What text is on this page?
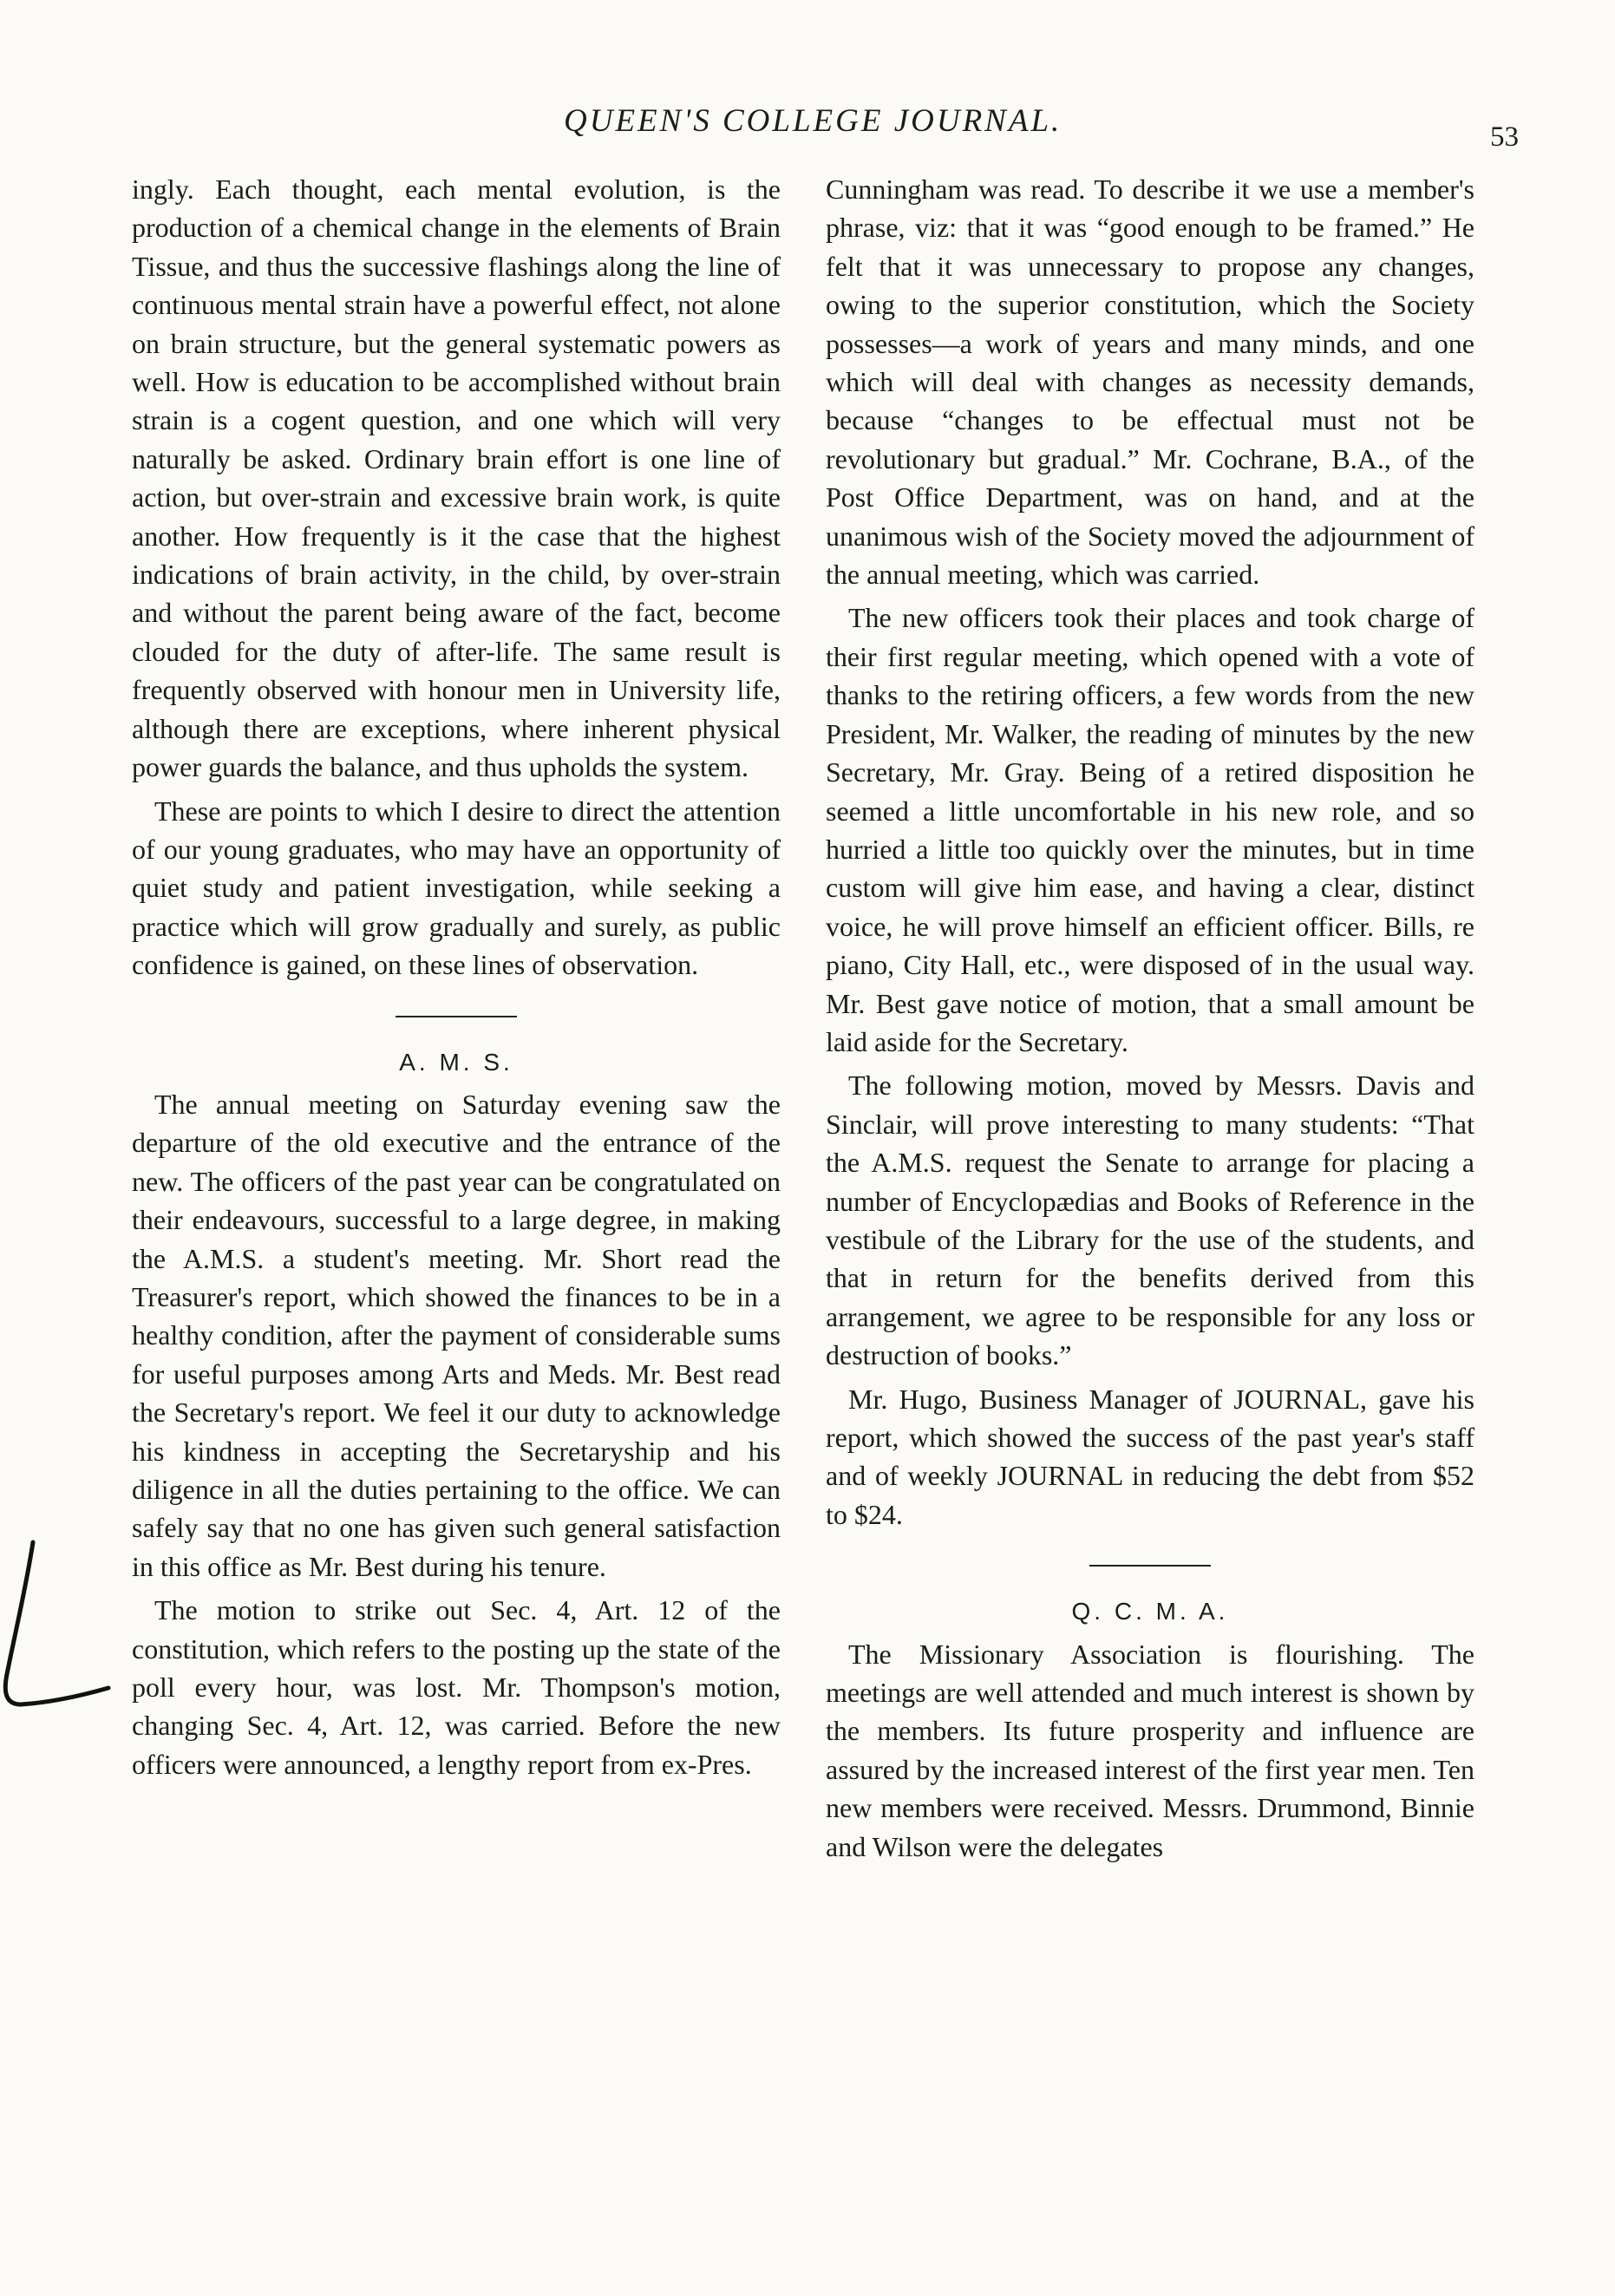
QUEEN'S COLLEGE JOURNAL.	53

ingly. Each thought, each mental evolution, is the production of a chemical change in the elements of Brain Tissue, and thus the successive flashings along the line of continuous mental strain have a powerful effect, not alone on brain structure, but the general systematic powers as well. How is education to be accomplished without brain strain is a cogent question, and one which will very naturally be asked. Ordinary brain effort is one line of action, but over-strain and excessive brain work, is quite another. How frequently is it the case that the highest indications of brain activity, in the child, by over-strain and without the parent being aware of the fact, become clouded for the duty of after-life. The same result is frequently observed with honour men in University life, although there are exceptions, where inherent physical power guards the balance, and thus upholds the system.

These are points to which I desire to direct the attention of our young graduates, who may have an opportunity of quiet study and patient investigation, while seeking a practice which will grow gradually and surely, as public confidence is gained, on these lines of observation.

A. M. S.

The annual meeting on Saturday evening saw the departure of the old executive and the entrance of the new. The officers of the past year can be congratulated on their endeavours, successful to a large degree, in making the A.M.S. a student's meeting. Mr. Short read the Treasurer's report, which showed the finances to be in a healthy condition, after the payment of considerable sums for useful purposes among Arts and Meds. Mr. Best read the Secretary's report. We feel it our duty to acknowledge his kindness in accepting the Secretaryship and his diligence in all the duties pertaining to the office. We can safely say that no one has given such general satisfaction in this office as Mr. Best during his tenure.

The motion to strike out Sec. 4, Art. 12 of the constitution, which refers to the posting up the state of the poll every hour, was lost. Mr. Thompson's motion, changing Sec. 4, Art. 12, was carried. Before the new officers were announced, a lengthy report from ex-Pres.

Cunningham was read. To describe it we use a member's phrase, viz: that it was “good enough to be framed.” He felt that it was unnecessary to propose any changes, owing to the superior constitution, which the Society possesses—a work of years and many minds, and one which will deal with changes as necessity demands, because “changes to be effectual must not be revolutionary but gradual.” Mr. Cochrane, B.A., of the Post Office Department, was on hand, and at the unanimous wish of the Society moved the adjournment of the annual meeting, which was carried.

The new officers took their places and took charge of their first regular meeting, which opened with a vote of thanks to the retiring officers, a few words from the new President, Mr. Walker, the reading of minutes by the new Secretary, Mr. Gray. Being of a retired disposition he seemed a little uncomfortable in his new role, and so hurried a little too quickly over the minutes, but in time custom will give him ease, and having a clear, distinct voice, he will prove himself an efficient officer. Bills, re piano, City Hall, etc., were disposed of in the usual way. Mr. Best gave notice of motion, that a small amount be laid aside for the Secretary.

The following motion, moved by Messrs. Davis and Sinclair, will prove interesting to many students: “That the A.M.S. request the Senate to arrange for placing a number of Encyclopædias and Books of Reference in the vestibule of the Library for the use of the students, and that in return for the benefits derived from this arrangement, we agree to be responsible for any loss or destruction of books.”

Mr. Hugo, Business Manager of JOURNAL, gave his report, which showed the success of the past year's staff and of weekly JOURNAL in reducing the debt from $52 to $24.

Q. C. M. A.

The Missionary Association is flourishing. The meetings are well attended and much interest is shown by the members. Its future prosperity and influence are assured by the increased interest of the first year men. Ten new members were received. Messrs. Drummond, Binnie and Wilson were the delegates
